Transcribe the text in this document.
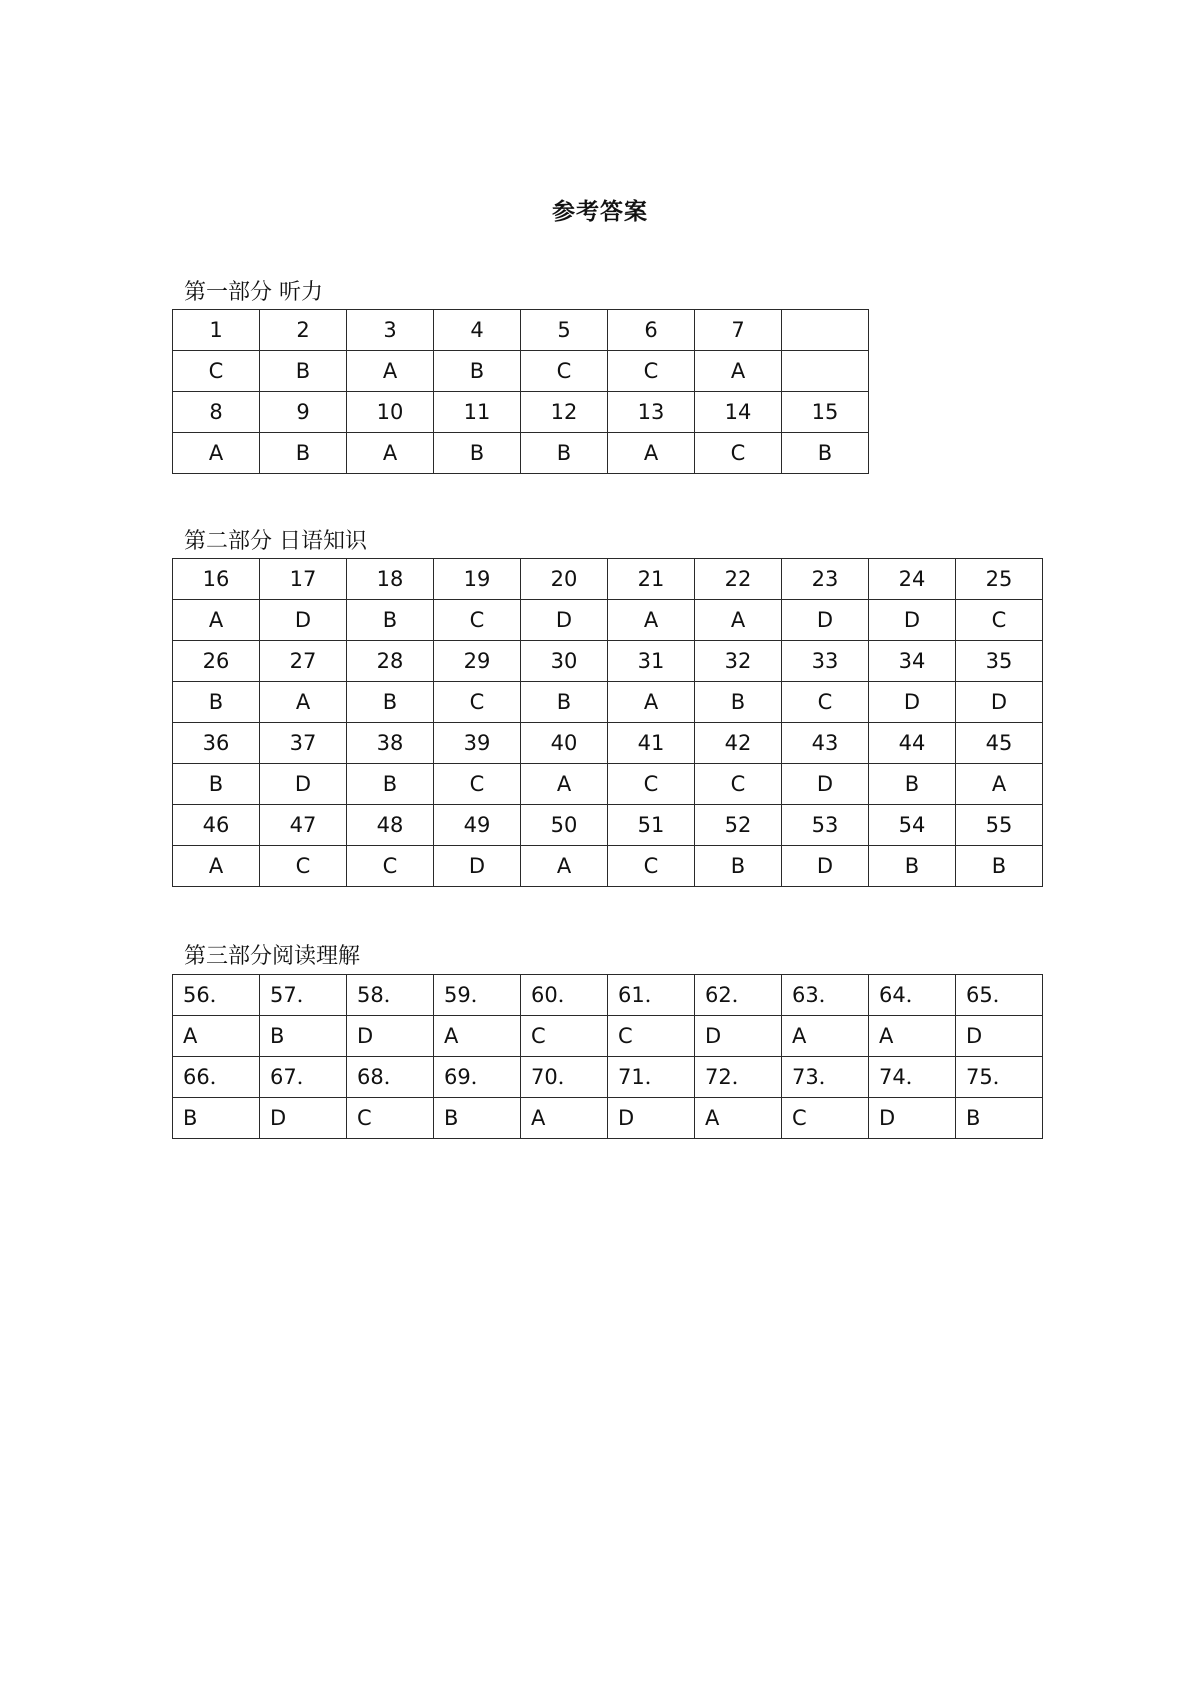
参考答案
第一部分 听力
1	2	3	4	5	6	7	
C	B	A	B	C	C	A	
8	9	10	11	12	13	14	15
A	B	A	B	B	A	C	B
第二部分 日语知识
16	17	18	19	20	21	22	23	24	25
A	D	B	C	D	A	A	D	D	C
26	27	28	29	30	31	32	33	34	35
B	A	B	C	B	A	B	C	D	D
36	37	38	39	40	41	42	43	44	45
B	D	B	C	A	C	C	D	B	A
46	47	48	49	50	51	52	53	54	55
A	C	C	D	A	C	B	D	B	B
第三部分阅读理解
56．	57．	58．	59．	60．	61．	62．	63．	64．	65．
A	B	D	A	C	C	D	A	A	D
66．	67．	68．	69．	70．	71．	72．	73．	74．	75．
B	D	C	B	A	D	A	C	D	B
